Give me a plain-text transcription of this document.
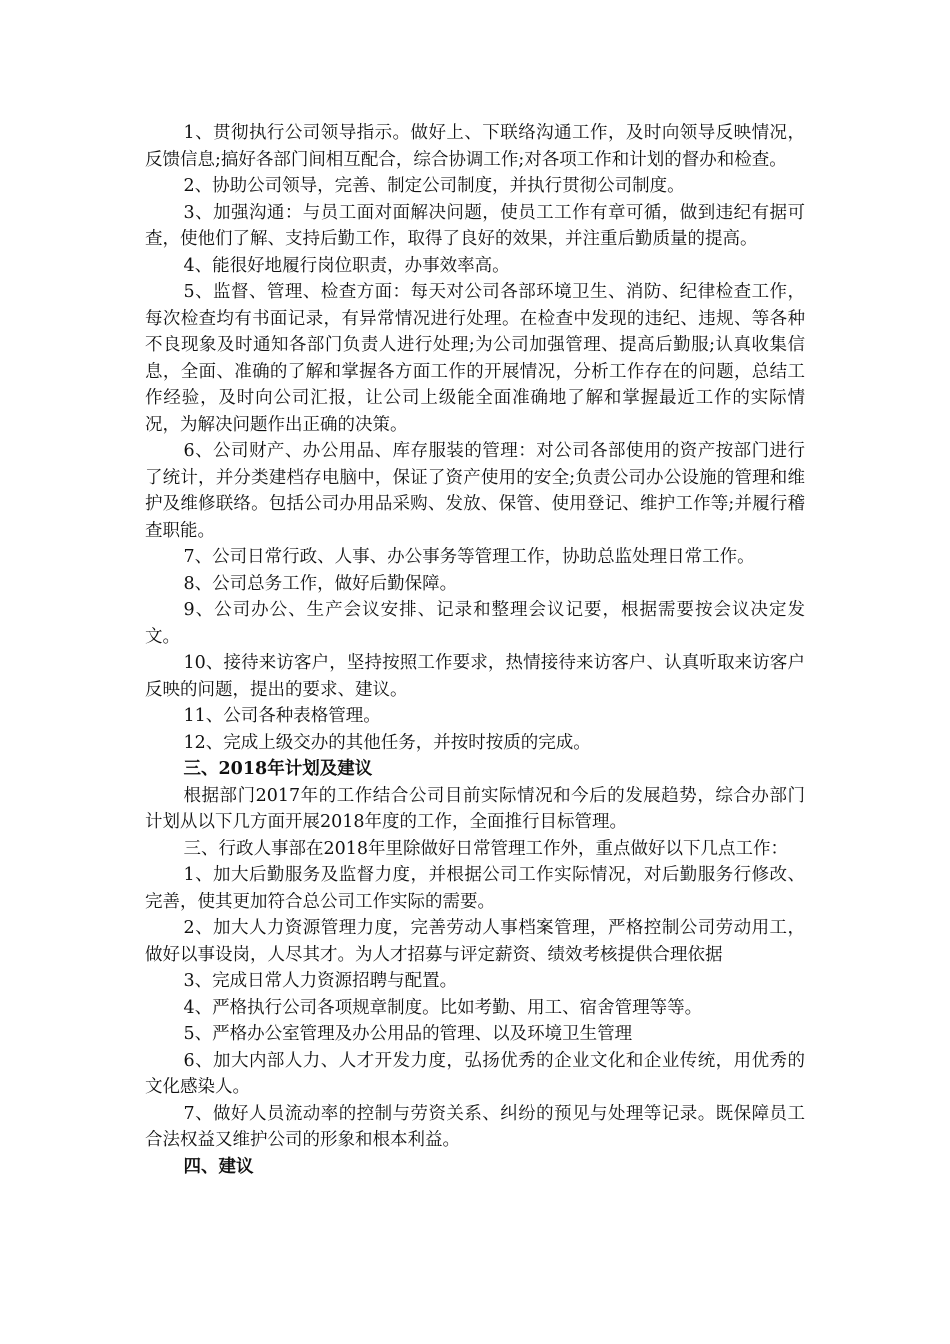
1、贯彻执行公司领导指示。做好上、下联络沟通工作，及时向领导反映情况，反馈信息;搞好各部门间相互配合，综合协调工作;对各项工作和计划的督办和检查。

2、协助公司领导，完善、制定公司制度，并执行贯彻公司制度。

3、加强沟通：与员工面对面解决问题，使员工工作有章可循，做到违纪有据可查，使他们了解、支持后勤工作，取得了良好的效果，并注重后勤质量的提高。

4、能很好地履行岗位职责，办事效率高。

5、监督、管理、检查方面：每天对公司各部环境卫生、消防、纪律检查工作，每次检查均有书面记录，有异常情况进行处理。在检查中发现的违纪、违规、等各种不良现象及时通知各部门负责人进行处理;为公司加强管理、提高后勤服;认真收集信息，全面、准确的了解和掌握各方面工作的开展情况，分析工作存在的问题，总结工作经验，及时向公司汇报，让公司上级能全面准确地了解和掌握最近工作的实际情况，为解决问题作出正确的决策。

6、公司财产、办公用品、库存服装的管理：对公司各部使用的资产按部门进行了统计，并分类建档存电脑中，保证了资产使用的安全;负责公司办公设施的管理和维护及维修联络。包括公司办用品采购、发放、保管、使用登记、维护工作等;并履行稽查职能。

7、公司日常行政、人事、办公事务等管理工作，协助总监处理日常工作。

8、公司总务工作，做好后勤保障。

9、公司办公、生产会议安排、记录和整理会议记要，根据需要按会议决定发文。

10、接待来访客户，坚持按照工作要求，热情接待来访客户、认真听取来访客户反映的问题，提出的要求、建议。

11、公司各种表格管理。

12、完成上级交办的其他任务，并按时按质的完成。

三、2018年计划及建议

根据部门2017年的工作结合公司目前实际情况和今后的发展趋势，综合办部门计划从以下几方面开展2018年度的工作，全面推行目标管理。

三、行政人事部在2018年里除做好日常管理工作外，重点做好以下几点工作：

1、加大后勤服务及监督力度，并根据公司工作实际情况，对后勤服务行修改、完善，使其更加符合总公司工作实际的需要。

2、加大人力资源管理力度，完善劳动人事档案管理，严格控制公司劳动用工，做好以事设岗，人尽其才。为人才招募与评定薪资、绩效考核提供合理依据

3、完成日常人力资源招聘与配置。

4、严格执行公司各项规章制度。比如考勤、用工、宿舍管理等等。

5、严格办公室管理及办公用品的管理、以及环境卫生管理

6、加大内部人力、人才开发力度，弘扬优秀的企业文化和企业传统，用优秀的文化感染人。

7、做好人员流动率的控制与劳资关系、纠纷的预见与处理等记录。既保障员工合法权益又维护公司的形象和根本利益。

四、建议
